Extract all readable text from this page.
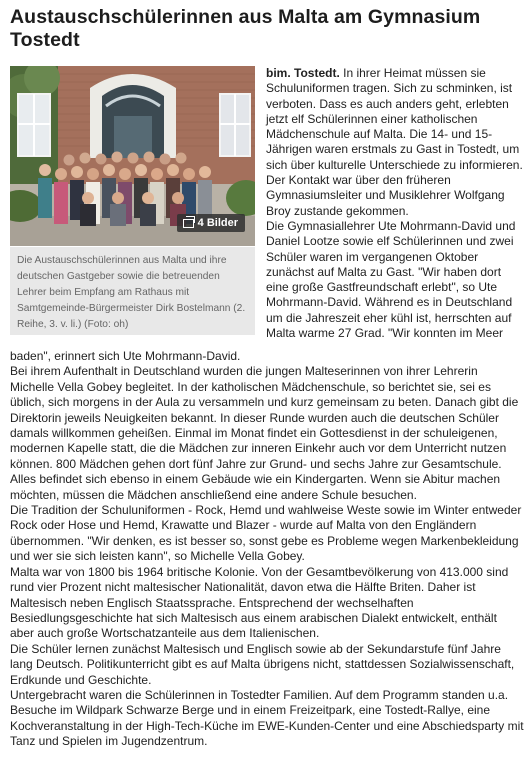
Austauschschülerinnen aus Malta am Gymnasium Tostedt
4 Bilder
Die Austauschschülerinnen aus Malta und ihre deutschen Gastgeber sowie die betreuenden Lehrer beim Empfang am Rathaus mit Samtgemeinde-Bürgermeister Dirk Bostelmann (2. Reihe, 3. v. li.) (Foto: oh)

bim. Tostedt. In ihrer Heimat müssen sie Schuluniformen tragen. Sich zu schminken, ist verboten. Dass es auch anders geht, erlebten jetzt elf Schülerinnen einer katholischen Mädchenschule auf Malta. Die 14- und 15-Jährigen waren erstmals zu Gast in Tostedt, um sich über kulturelle Unterschiede zu informieren. Der Kontakt war über den früheren Gymnasiumsleiter und Musiklehrer Wolfgang Broy zustande gekommen.

Die Gymnasiallehrer Ute Mohrmann-David und Daniel Lootze sowie elf Schülerinnen und zwei Schüler waren im vergangenen Oktober zunächst auf Malta zu Gast. "Wir haben dort eine große Gastfreundschaft erlebt", so Ute Mohrmann-David. Während es in Deutschland um die Jahreszeit eher kühl ist, herrschten auf Malta warme 27 Grad. "Wir konnten im Meer

baden", erinnert sich Ute Mohrmann-David.

Bei ihrem Aufenthalt in Deutschland wurden die jungen Malteserinnen von ihrer Lehrerin Michelle Vella Gobey begleitet. In der katholischen Mädchenschule, so berichtet sie, sei es üblich, sich morgens in der Aula zu versammeln und kurz gemeinsam zu beten. Danach gibt die Direktorin jeweils Neuigkeiten bekannt. In dieser Runde wurden auch die deutschen Schüler damals willkommen geheißen. Einmal im Monat findet ein Gottesdienst in der schuleigenen, modernen Kapelle statt, die die Mädchen zur inneren Einkehr auch vor dem Unterricht nutzen können. 800 Mädchen gehen dort fünf Jahre zur Grund- und sechs Jahre zur Gesamtschule. Alles befindet sich ebenso in einem Gebäude wie ein Kindergarten. Wenn sie Abitur machen möchten, müssen die Mädchen anschließend eine andere Schule besuchen.

Die Tradition der Schuluniformen - Rock, Hemd und wahlweise Weste sowie im Winter entweder Rock oder Hose und Hemd, Krawatte und Blazer - wurde auf Malta von den Engländern übernommen. "Wir denken, es ist besser so, sonst gebe es Probleme wegen Markenbekleidung und wer sie sich leisten kann", so Michelle Vella Gobey.

Malta war von 1800 bis 1964 britische Kolonie. Von der Gesamtbevölkerung von 413.000 sind rund vier Prozent nicht maltesischer Nationalität, davon etwa die Hälfte Briten. Daher ist Maltesisch neben Englisch Staatssprache. Entsprechend der wechselhaften Besiedlungsgeschichte hat sich Maltesisch aus einem arabischen Dialekt entwickelt, enthält aber auch große Wortschatzanteile aus dem Italienischen.

Die Schüler lernen zunächst Maltesisch und Englisch sowie ab der Sekundarstufe fünf Jahre lang Deutsch. Politikunterricht gibt es auf Malta übrigens nicht, stattdessen Sozialwissenschaft, Erdkunde und Geschichte.

Untergebracht waren die Schülerinnen in Tostedter Familien. Auf dem Programm standen u.a. Besuche im Wildpark Schwarze Berge und in einem Freizeitpark, eine Tostedt-Rallye, eine Kochveranstaltung in der High-Tech-Küche im EWE-Kunden-Center und eine Abschiedsparty mit Tanz und Spielen im Jugendzentrum.
